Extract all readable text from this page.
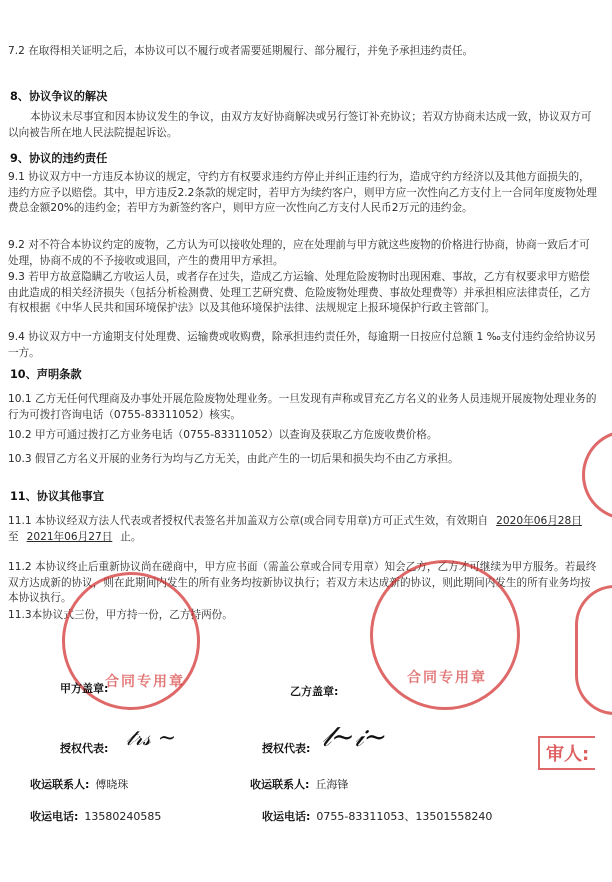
7.2 在取得相关证明之后，本协议可以不履行或者需要延期履行、部分履行，并免予承担违约责任。

8、协议争议的解决

本协议未尽事宜和因本协议发生的争议，由双方友好协商解决或另行签订补充协议；若双方协商未达成一致，协议双方可以向被告所在地人民法院提起诉讼。

9、协议的违约责任

9.1 协议双方中一方违反本协议的规定，守约方有权要求违约方停止并纠正违约行为，造成守约方经济以及其他方面损失的，违约方应予以赔偿。其中，甲方违反2.2条款的规定时，若甲方为续约客户，则甲方应一次性向乙方支付上一合同年度废物处理费总金额20%的违约金；若甲方为新签约客户，则甲方应一次性向乙方支付人民币2万元的违约金。

9.2 对不符合本协议约定的废物，乙方认为可以接收处理的，应在处理前与甲方就这些废物的价格进行协商，协商一致后才可处理，协商不成的不予接收或退回，产生的费用甲方承担。

9.3 若甲方故意隐瞒乙方收运人员，或者存在过失，造成乙方运输、处理危险废物时出现困难、事故，乙方有权要求甲方赔偿由此造成的相关经济损失（包括分析检测费、处理工艺研究费、危险废物处理费、事故处理费等）并承担相应法律责任，乙方有权根据《中华人民共和国环境保护法》以及其他环境保护法律、法规规定上报环境保护行政主管部门。

9.4 协议双方中一方逾期支付处理费、运输费或收购费，除承担违约责任外，每逾期一日按应付总额 1 ‰支付违约金给协议另一方。

10、声明条款

10.1 乙方无任何代理商及办事处开展危险废物处理业务。一旦发现有声称或冒充乙方名义的业务人员违规开展废物处理业务的行为可拨打咨询电话（0755-83311052）核实。

10.2 甲方可通过拨打乙方业务电话（0755-83311052）以查询及获取乙方危废收费价格。

10.3 假冒乙方名义开展的业务行为均与乙方无关，由此产生的一切后果和损失均不由乙方承担。

11、协议其他事宜

11.1 本协议经双方法人代表或者授权代表签名并加盖双方公章(或合同专用章)方可正式生效，有效期自 2020年06月28日至 2021年06月27日 止。

11.2 本协议终止后重新协议尚在磋商中，甲方应书面（需盖公章或合同专用章）知会乙方，乙方才可继续为甲方服务。若最终双方达成新的协议，则在此期间内发生的所有业务均按新协议执行；若双方未达成新的协议，则此期间内发生的所有业务均按本协议执行。

11.3本协议式三份，甲方持一份，乙方持两份。

合同专用章	合同专用章
甲方盖章:	乙方盖章:
授权代表: 𝓉𝓇𝓈 ~	授权代表: 𝓁~𝒾~
审人:
收运联系人: 傅晓珠	收运联系人: 丘海锋
收运电话: 13580240585	收运电话: 0755-83311053、13501558240
